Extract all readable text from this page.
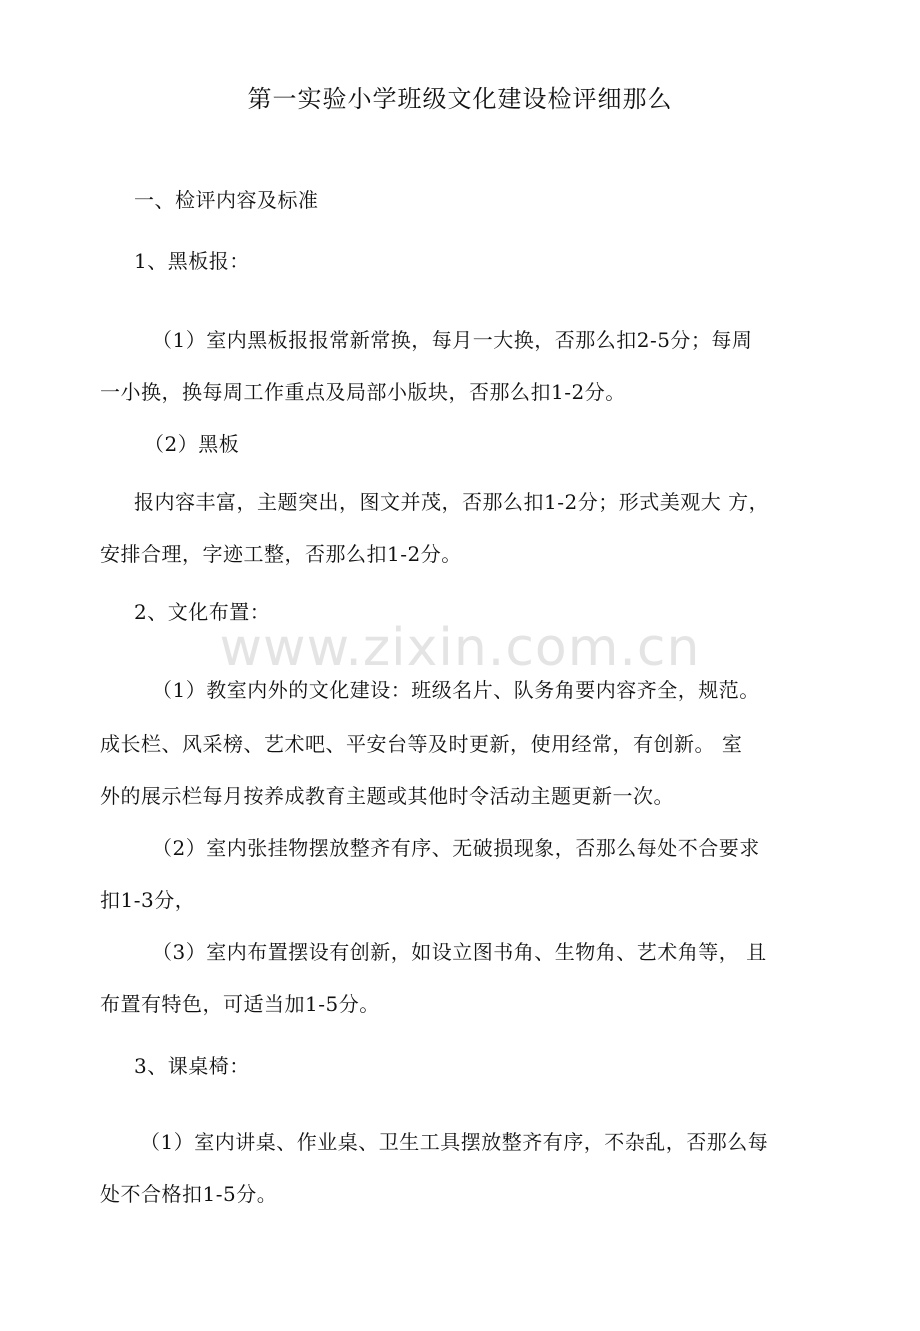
第一实验小学班级文化建设检评细那么
一、检评内容及标准
1、黑板报：
（1）室内黑板报报常新常换，每月一大换，否那么扣2-5分；每周
一小换，换每周工作重点及局部小版块，否那么扣1-2分。
（2）黑板
报内容丰富，主题突出，图文并茂，否那么扣1-2分；形式美观大 方，
安排合理，字迹工整，否那么扣1-2分。
2、文化布置：
www.zixin.com.cn
（1）教室内外的文化建设：班级名片、队务角要内容齐全，规范。
成长栏、风采榜、艺术吧、平安台等及时更新，使用经常，有创新。 室
外的展示栏每月按养成教育主题或其他时令活动主题更新一次。
（2）室内张挂物摆放整齐有序、无破损现象，否那么每处不合要求
扣1-3分，
（3）室内布置摆设有创新，如设立图书角、生物角、艺术角等， 且
布置有特色，可适当加1-5分。
3、课桌椅：
（1）室内讲桌、作业桌、卫生工具摆放整齐有序，不杂乱，否那么每
处不合格扣1-5分。
